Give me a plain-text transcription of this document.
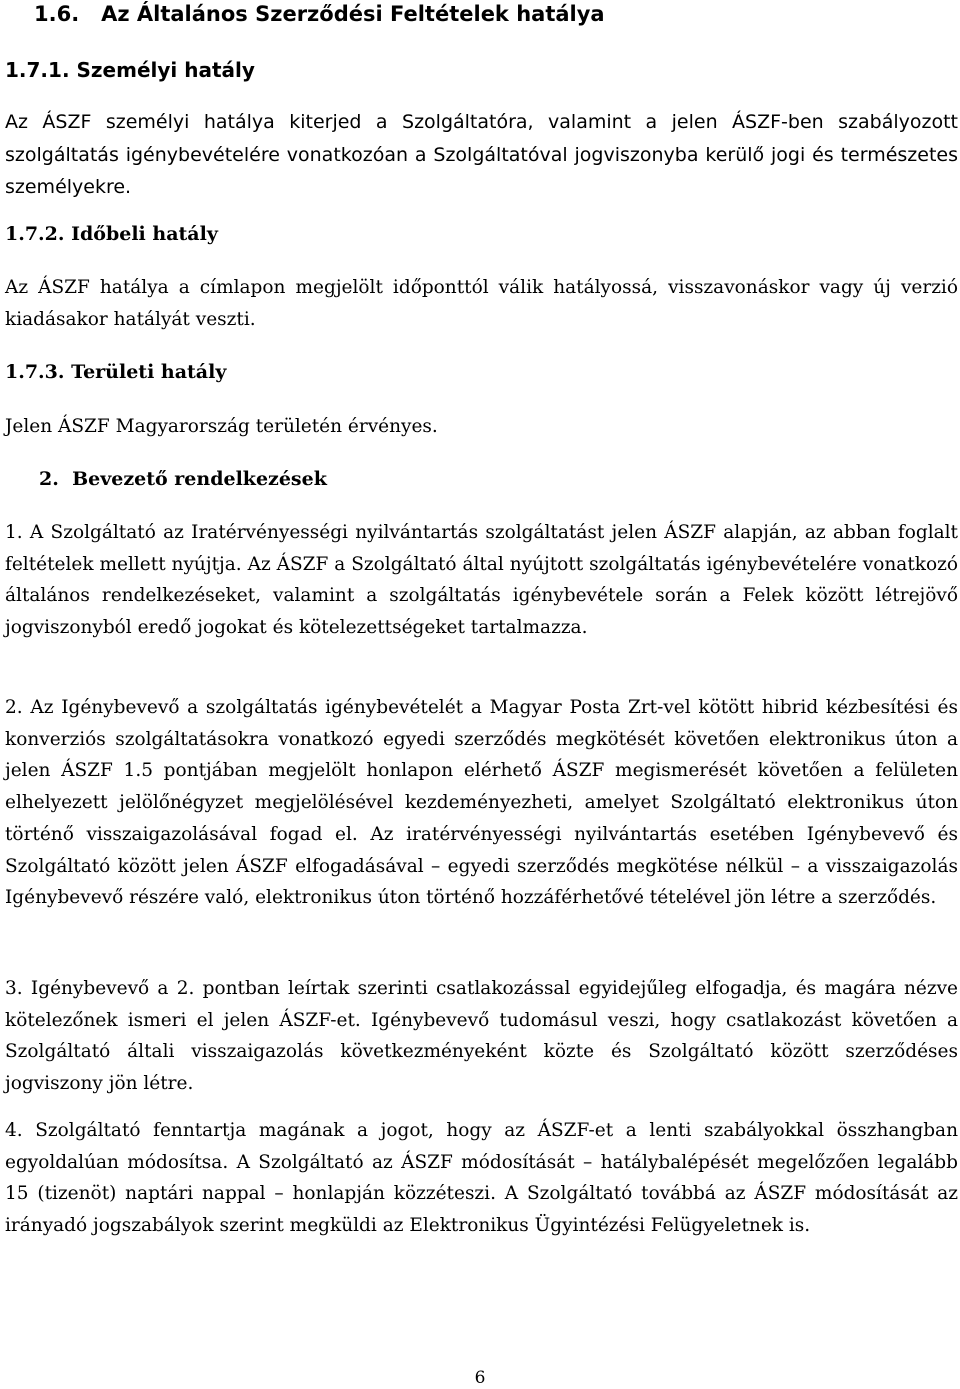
1.6.   Az Általános Szerződési Feltételek hatálya
1.7.1. Személyi hatály
Az ÁSZF személyi hatálya kiterjed a Szolgáltatóra, valamint a jelen ÁSZF-ben szabályozott szolgáltatás igénybevételére vonatkozóan a Szolgáltatóval jogviszonyba kerülő jogi és természetes személyekre.
1.7.2. Időbeli hatály
Az ÁSZF hatálya a címlapon megjelölt időponttól válik hatályossá, visszavonáskor vagy új verzió kiadásakor hatályát veszti.
1.7.3. Területi hatály
Jelen ÁSZF Magyarország területén érvényes.
2.  Bevezető rendelkezések
1. A Szolgáltató az Iratérvényességi nyilvántartás szolgáltatást jelen ÁSZF alapján, az abban foglalt feltételek mellett nyújtja. Az ÁSZF a Szolgáltató által nyújtott szolgáltatás igénybevételére vonatkozó általános rendelkezéseket, valamint a szolgáltatás igénybevétele során a Felek között létrejövő jogviszonyból eredő jogokat és kötelezettségeket tartalmazza.
2. Az Igénybevevő a szolgáltatás igénybevételét a Magyar Posta Zrt-vel kötött hibrid kézbesítési és konverziós szolgáltatásokra vonatkozó egyedi szerződés megkötését követően elektronikus úton a jelen ÁSZF 1.5 pontjában megjelölt honlapon elérhető ÁSZF megismerését követően a felületen elhelyezett jelölőnégyzet megjelölésével kezdeményezheti, amelyet Szolgáltató elektronikus úton történő visszaigazolásával fogad el. Az iratérvényességi nyilvántartás esetében Igénybevevő és Szolgáltató között jelen ÁSZF elfogadásával – egyedi szerződés megkötése nélkül – a visszaigazolás Igénybevevő részére való, elektronikus úton történő hozzáférhetővé tételével jön létre a szerződés.
3. Igénybevevő a 2. pontban leírtak szerinti csatlakozással egyidejűleg elfogadja, és magára nézve kötelezőnek ismeri el jelen ÁSZF-et. Igénybevevő tudomásul veszi, hogy csatlakozást követően a Szolgáltató általi visszaigazolás következményeként közte és Szolgáltató között szerződéses jogviszony jön létre.
4. Szolgáltató fenntartja magának a jogot, hogy az ÁSZF-et a lenti szabályokkal összhangban egyoldalúan módosítsa. A Szolgáltató az ÁSZF módosítását – hatálybalépését megelőzően legalább 15 (tizenöt) naptári nappal – honlapján közzéteszi. A Szolgáltató továbbá az ÁSZF módosítását az irányadó jogszabályok szerint megküldi az Elektronikus Ügyintézési Felügyeletnek is.
6
